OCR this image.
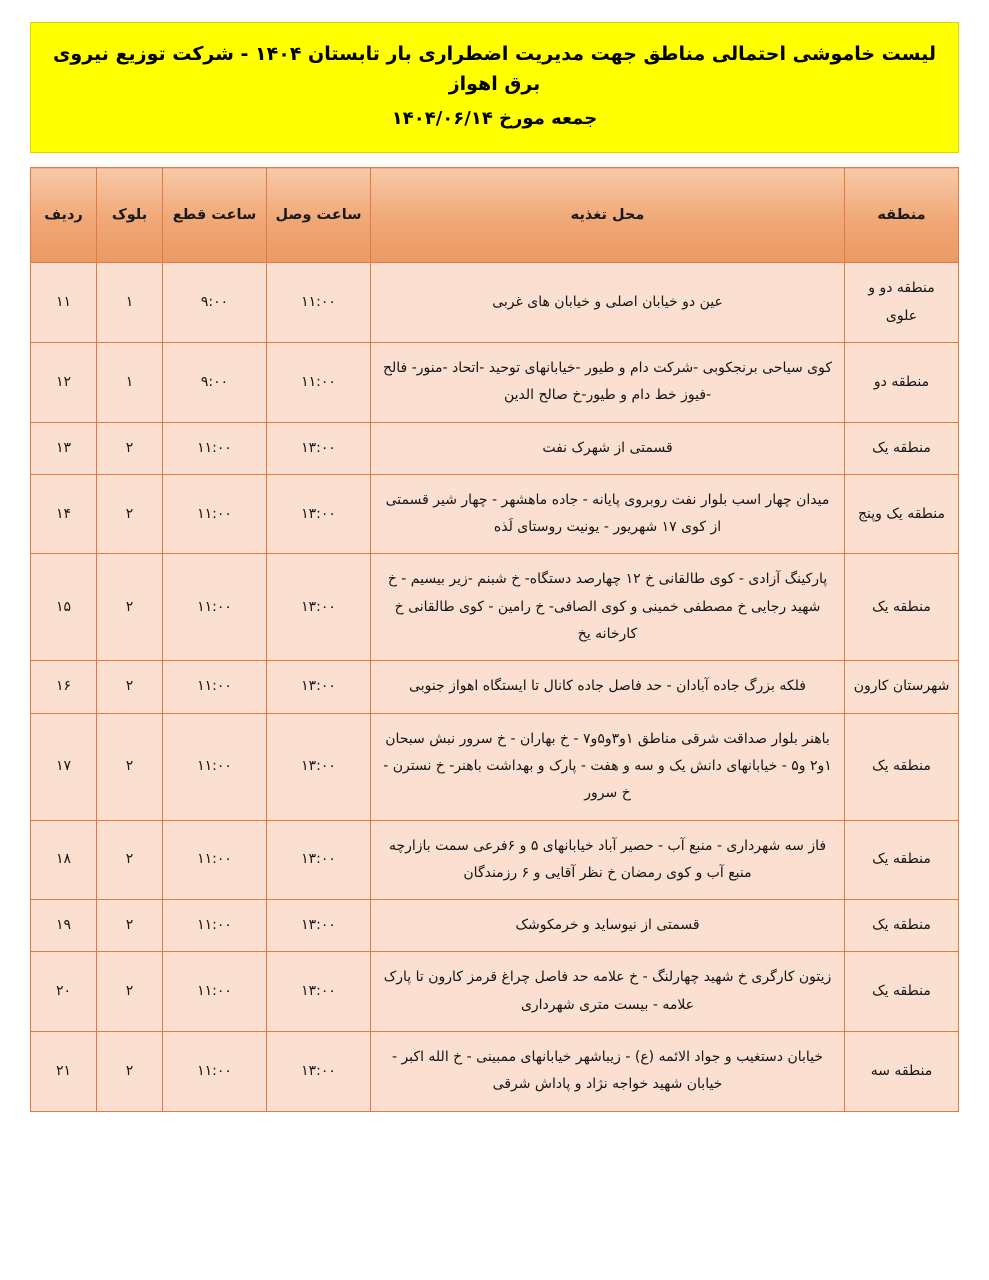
لیست خاموشی احتمالی مناطق جهت مدیریت اضطراری بار تابستان ۱۴۰۴ - شرکت توزیع نیروی برق اهواز
جمعه مورخ ۱۴۰۴/۰۶/۱۴
منطقه	محل تغذیه	ساعت وصل	ساعت قطع	بلوک	ردیف
منطقه دو و علوی	عین دو خیابان اصلی و خیابان های غربی	۱۱:۰۰	۹:۰۰	۱	۱۱
منطقه دو	کوی سیاحی برنجکوبی -شرکت دام و طیور -خیابانهای توحید -اتحاد -منور- فالح -فیوز خط دام و طیور-خ صالح الدین	۱۱:۰۰	۹:۰۰	۱	۱۲
منطقه یک	قسمتی از شهرک نفت	۱۳:۰۰	۱۱:۰۰	۲	۱۳
منطقه یک وپنج	میدان چهار اسب بلوار نفت روبروی پایانه - جاده ماهشهر - چهار شیر قسمتی از کوی ۱۷ شهریور - یونیت روستای لَذه	۱۳:۰۰	۱۱:۰۰	۲	۱۴
منطقه یک	پارکینگ آزادی - کوی طالقانی خ ۱۲ چهارصد دستگاه- خ شبنم -زیر بیسیم - خ شهید رجایی خ مصطفی خمینی و کوی الصافی- خ رامین - کوی طالقانی خ کارخانه یخ	۱۳:۰۰	۱۱:۰۰	۲	۱۵
شهرستان کارون	فلکه بزرگ جاده آبادان - حد فاصل جاده کانال تا ایستگاه اهواز جنوبی	۱۳:۰۰	۱۱:۰۰	۲	۱۶
منطقه یک	باهنر بلوار صداقت شرقی مناطق ۱و۳و۵و۷ - خ بهاران - خ سرور نبش سبحان ۱و۲ و۵ - خیابانهای دانش یک و سه و هفت - پارک و بهداشت باهنر- خ نسترن - خ سرور	۱۳:۰۰	۱۱:۰۰	۲	۱۷
منطقه یک	فاز سه شهرداری - منبع آب - حصیر آباد خیابانهای ۵ و ۶فرعی سمت بازارچه منبع آب و کوی رمضان خ نظر آقایی و ۶ رزمندگان	۱۳:۰۰	۱۱:۰۰	۲	۱۸
منطقه یک	قسمتی از نیوساید و خرمکوشک	۱۳:۰۰	۱۱:۰۰	۲	۱۹
منطقه یک	زیتون کارگری خ شهید چهارلنگ - خ علامه حد فاصل چراغ قرمز کارون تا پارک علامه - بیست متری شهرداری	۱۳:۰۰	۱۱:۰۰	۲	۲۰
منطقه سه	خیابان دستغیب و جواد الائمه (ع) - زیباشهر خیابانهای ممبینی - خ الله اکبر - خیابان شهید خواجه نژاد و پاداش شرقی	۱۳:۰۰	۱۱:۰۰	۲	۲۱
